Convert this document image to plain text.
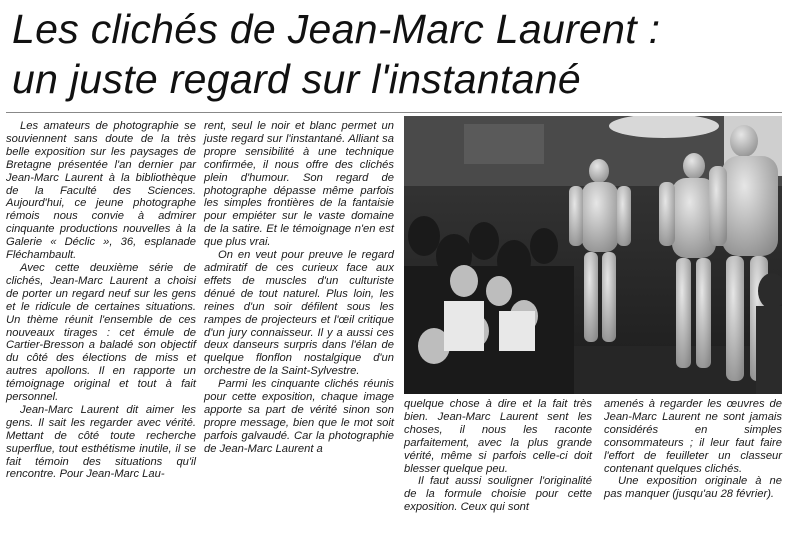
Les clichés de Jean-Marc Laurent :
un juste regard sur l'instantané

Les amateurs de photographie se souviennent sans doute de la très belle exposition sur les paysages de Bretagne présentée l'an dernier par Jean-Marc Laurent à la bibliothèque de la Faculté des Sciences. Aujourd'hui, ce jeune photographe rémois nous convie à admirer cinquante productions nouvelles à la Galerie « Déclic », 36, esplanade Fléchambault.

Avec cette deuxième série de clichés, Jean-Marc Laurent a choisi de porter un regard neuf sur les gens et le ridicule de certaines situations. Un thème réunit l'ensemble de ces nouveaux tirages : cet émule de Cartier-Bresson a baladé son objectif du côté des élections de miss et autres apollons. Il en rapporte un témoignage original et tout à fait personnel.

Jean-Marc Laurent dit aimer les gens. Il sait les regarder avec vérité. Mettant de côté toute recherche superflue, tout esthétisme inutile, il se fait témoin des situations qu'il rencontre. Pour Jean-Marc Lau-

rent, seul le noir et blanc permet un juste regard sur l'instantané. Alliant sa propre sensibilité à une technique confirmée, il nous offre des clichés plein d'humour. Son regard de photographe dépasse même parfois les simples frontières de la fantaisie pour empiéter sur le vaste domaine de la satire. Et le témoignage n'en est que plus vrai.

On en veut pour preuve le regard admiratif de ces curieux face aux effets de muscles d'un culturiste dénué de tout naturel. Plus loin, les reines d'un soir défilent sous les rampes de projecteurs et l'œil critique d'un jury connaisseur. Il y a aussi ces deux danseurs surpris dans l'élan de quelque flonflon nostalgique d'un orchestre de la Saint-Sylvestre.

Parmi les cinquante clichés réunis pour cette exposition, chaque image apporte sa part de vérité sinon son propre message, bien que le mot soit parfois galvaudé. Car la photographie de Jean-Marc Laurent a

quelque chose à dire et la fait très bien. Jean-Marc Laurent sent les choses, il nous les raconte parfaitement, avec la plus grande vérité, même si parfois celle-ci doit blesser quelque peu.

Il faut aussi souligner l'originalité de la formule choisie pour cette exposition. Ceux qui sont

amenés à regarder les œuvres de Jean-Marc Laurent ne sont jamais considérés en simples consommateurs ; il leur faut faire l'effort de feuilleter un classeur contenant quelques clichés.

Une exposition originale à ne pas manquer (jusqu'au 28 février).
